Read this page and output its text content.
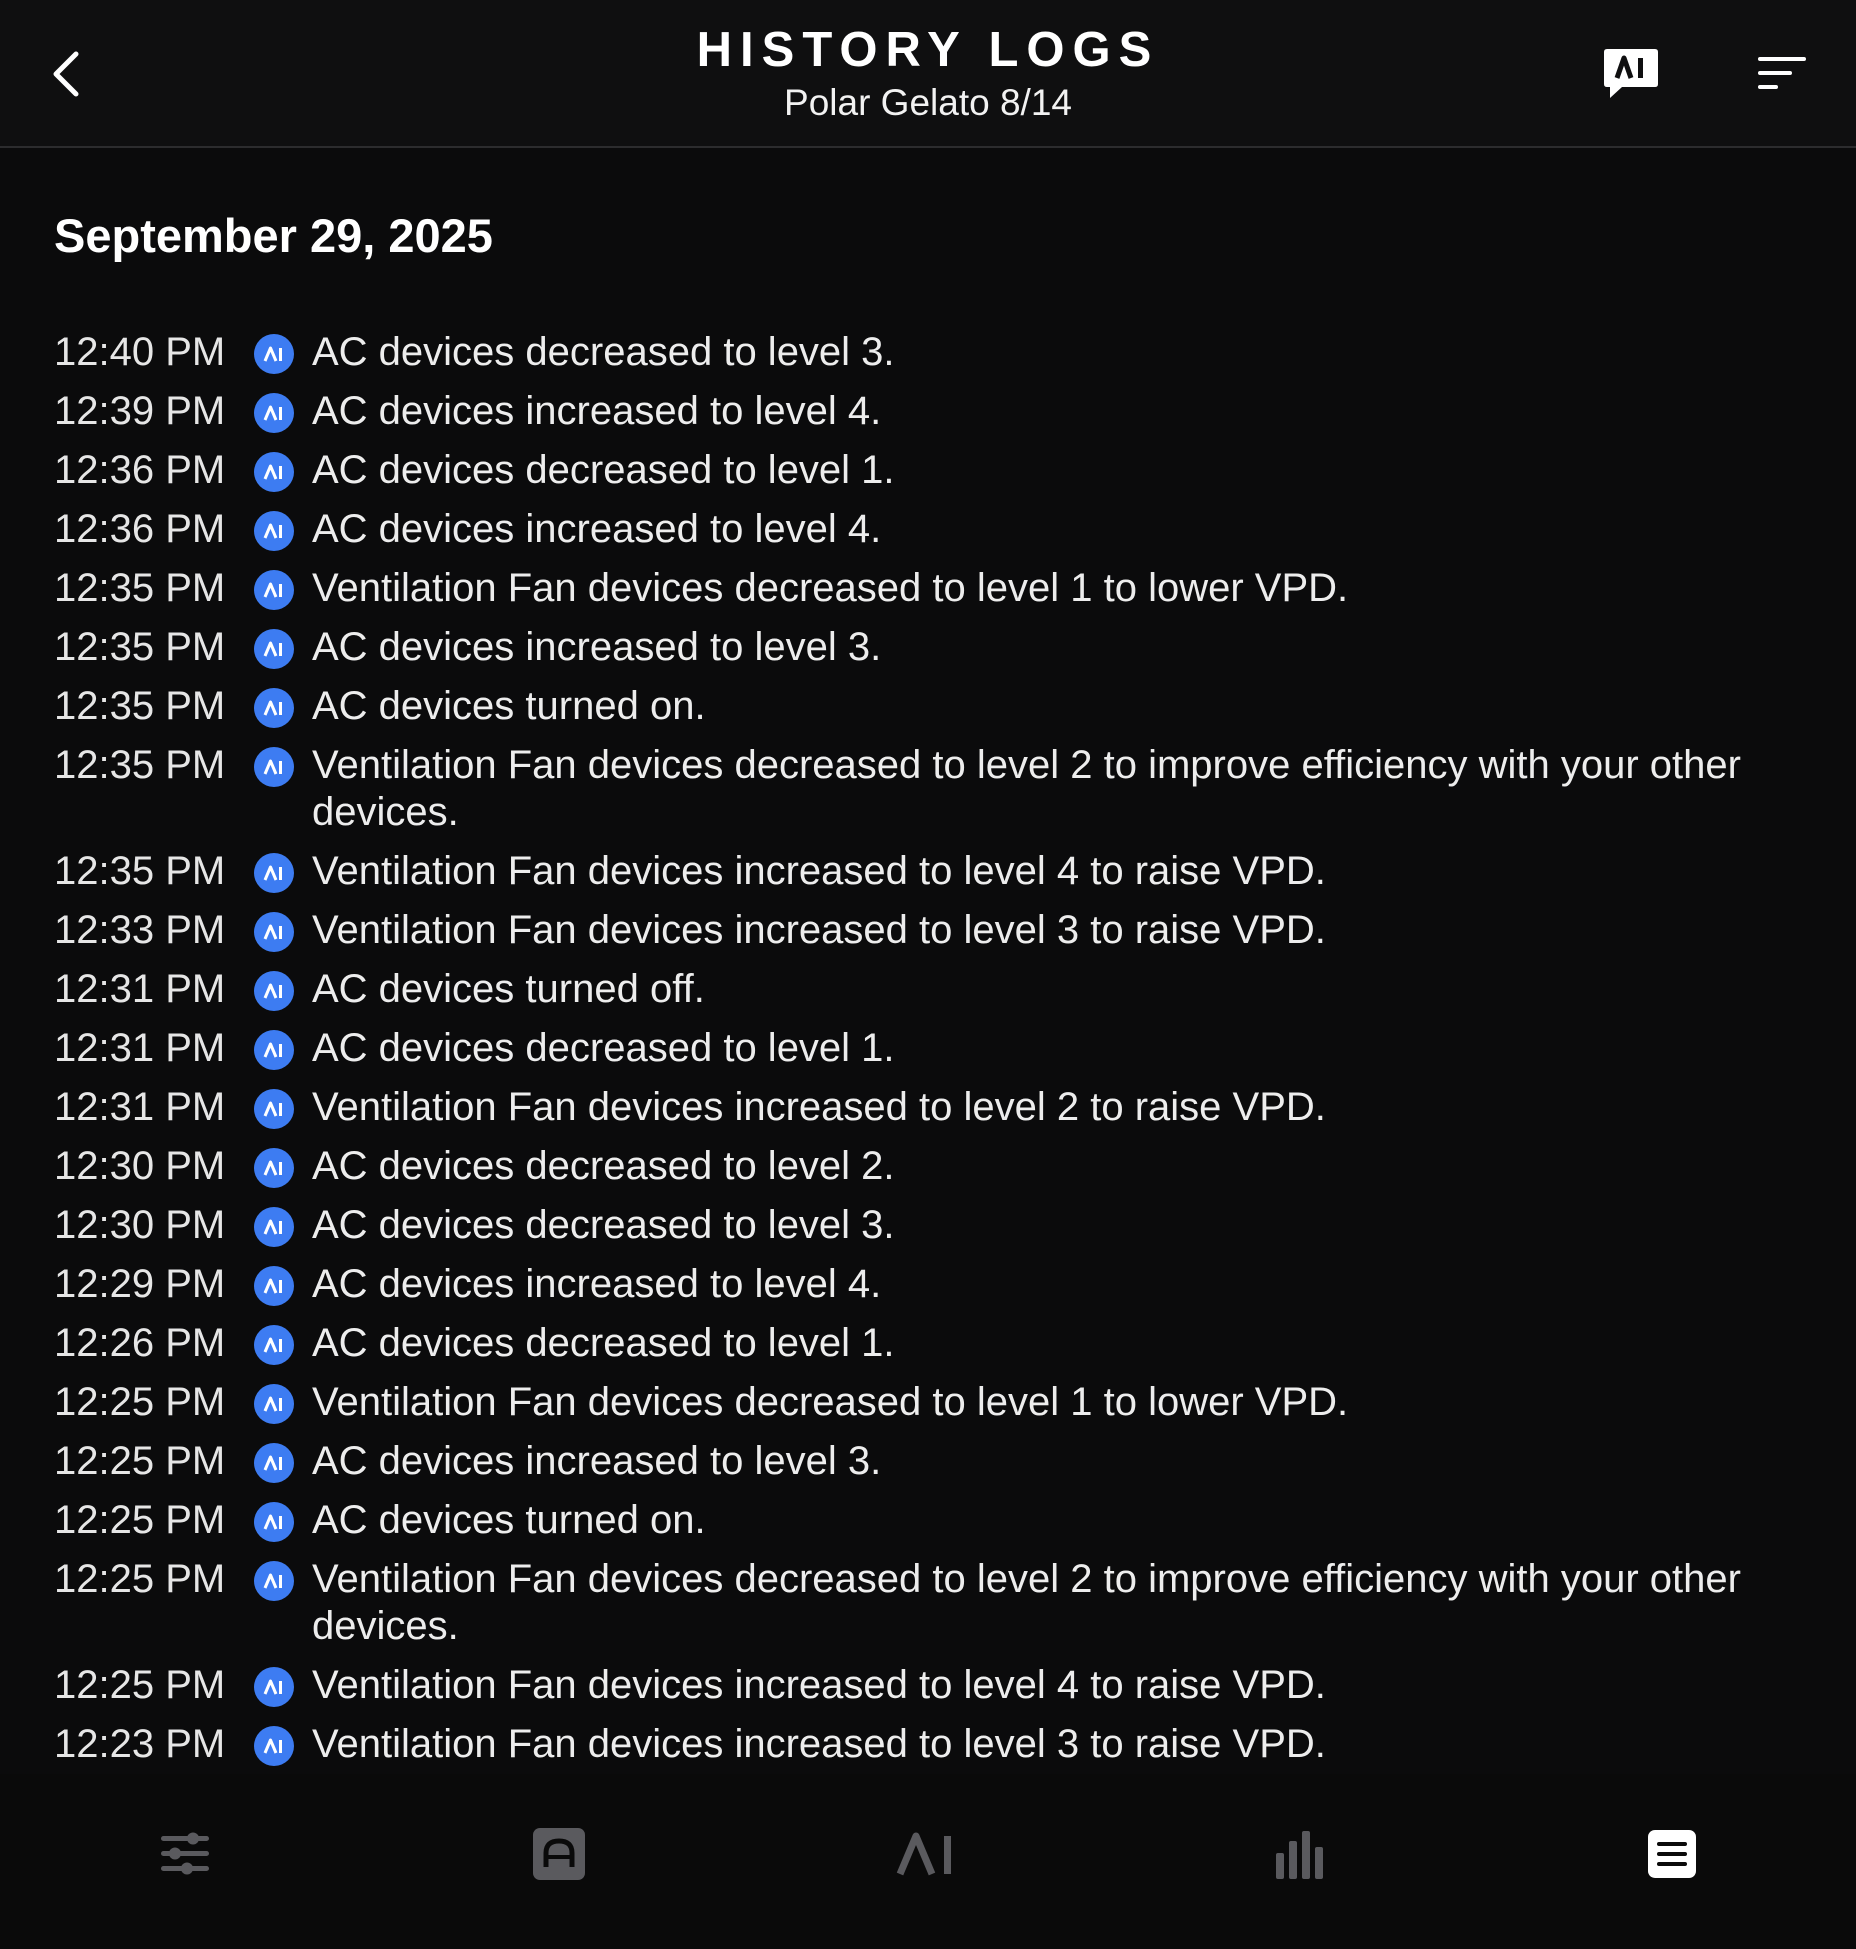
HISTORY LOGS
Polar Gelato 8/14
September 29, 2025
12:40 PM AC devices decreased to level 3.
12:39 PM AC devices increased to level 4.
12:36 PM AC devices decreased to level 1.
12:36 PM AC devices increased to level 4.
12:35 PM Ventilation Fan devices decreased to level 1 to lower VPD.
12:35 PM AC devices increased to level 3.
12:35 PM AC devices turned on.
12:35 PM Ventilation Fan devices decreased to level 2 to improve efficiency with your other devices.
12:35 PM Ventilation Fan devices increased to level 4 to raise VPD.
12:33 PM Ventilation Fan devices increased to level 3 to raise VPD.
12:31 PM AC devices turned off.
12:31 PM AC devices decreased to level 1.
12:31 PM Ventilation Fan devices increased to level 2 to raise VPD.
12:30 PM AC devices decreased to level 2.
12:30 PM AC devices decreased to level 3.
12:29 PM AC devices increased to level 4.
12:26 PM AC devices decreased to level 1.
12:25 PM Ventilation Fan devices decreased to level 1 to lower VPD.
12:25 PM AC devices increased to level 3.
12:25 PM AC devices turned on.
12:25 PM Ventilation Fan devices decreased to level 2 to improve efficiency with your other devices.
12:25 PM Ventilation Fan devices increased to level 4 to raise VPD.
12:23 PM Ventilation Fan devices increased to level 3 to raise VPD.
